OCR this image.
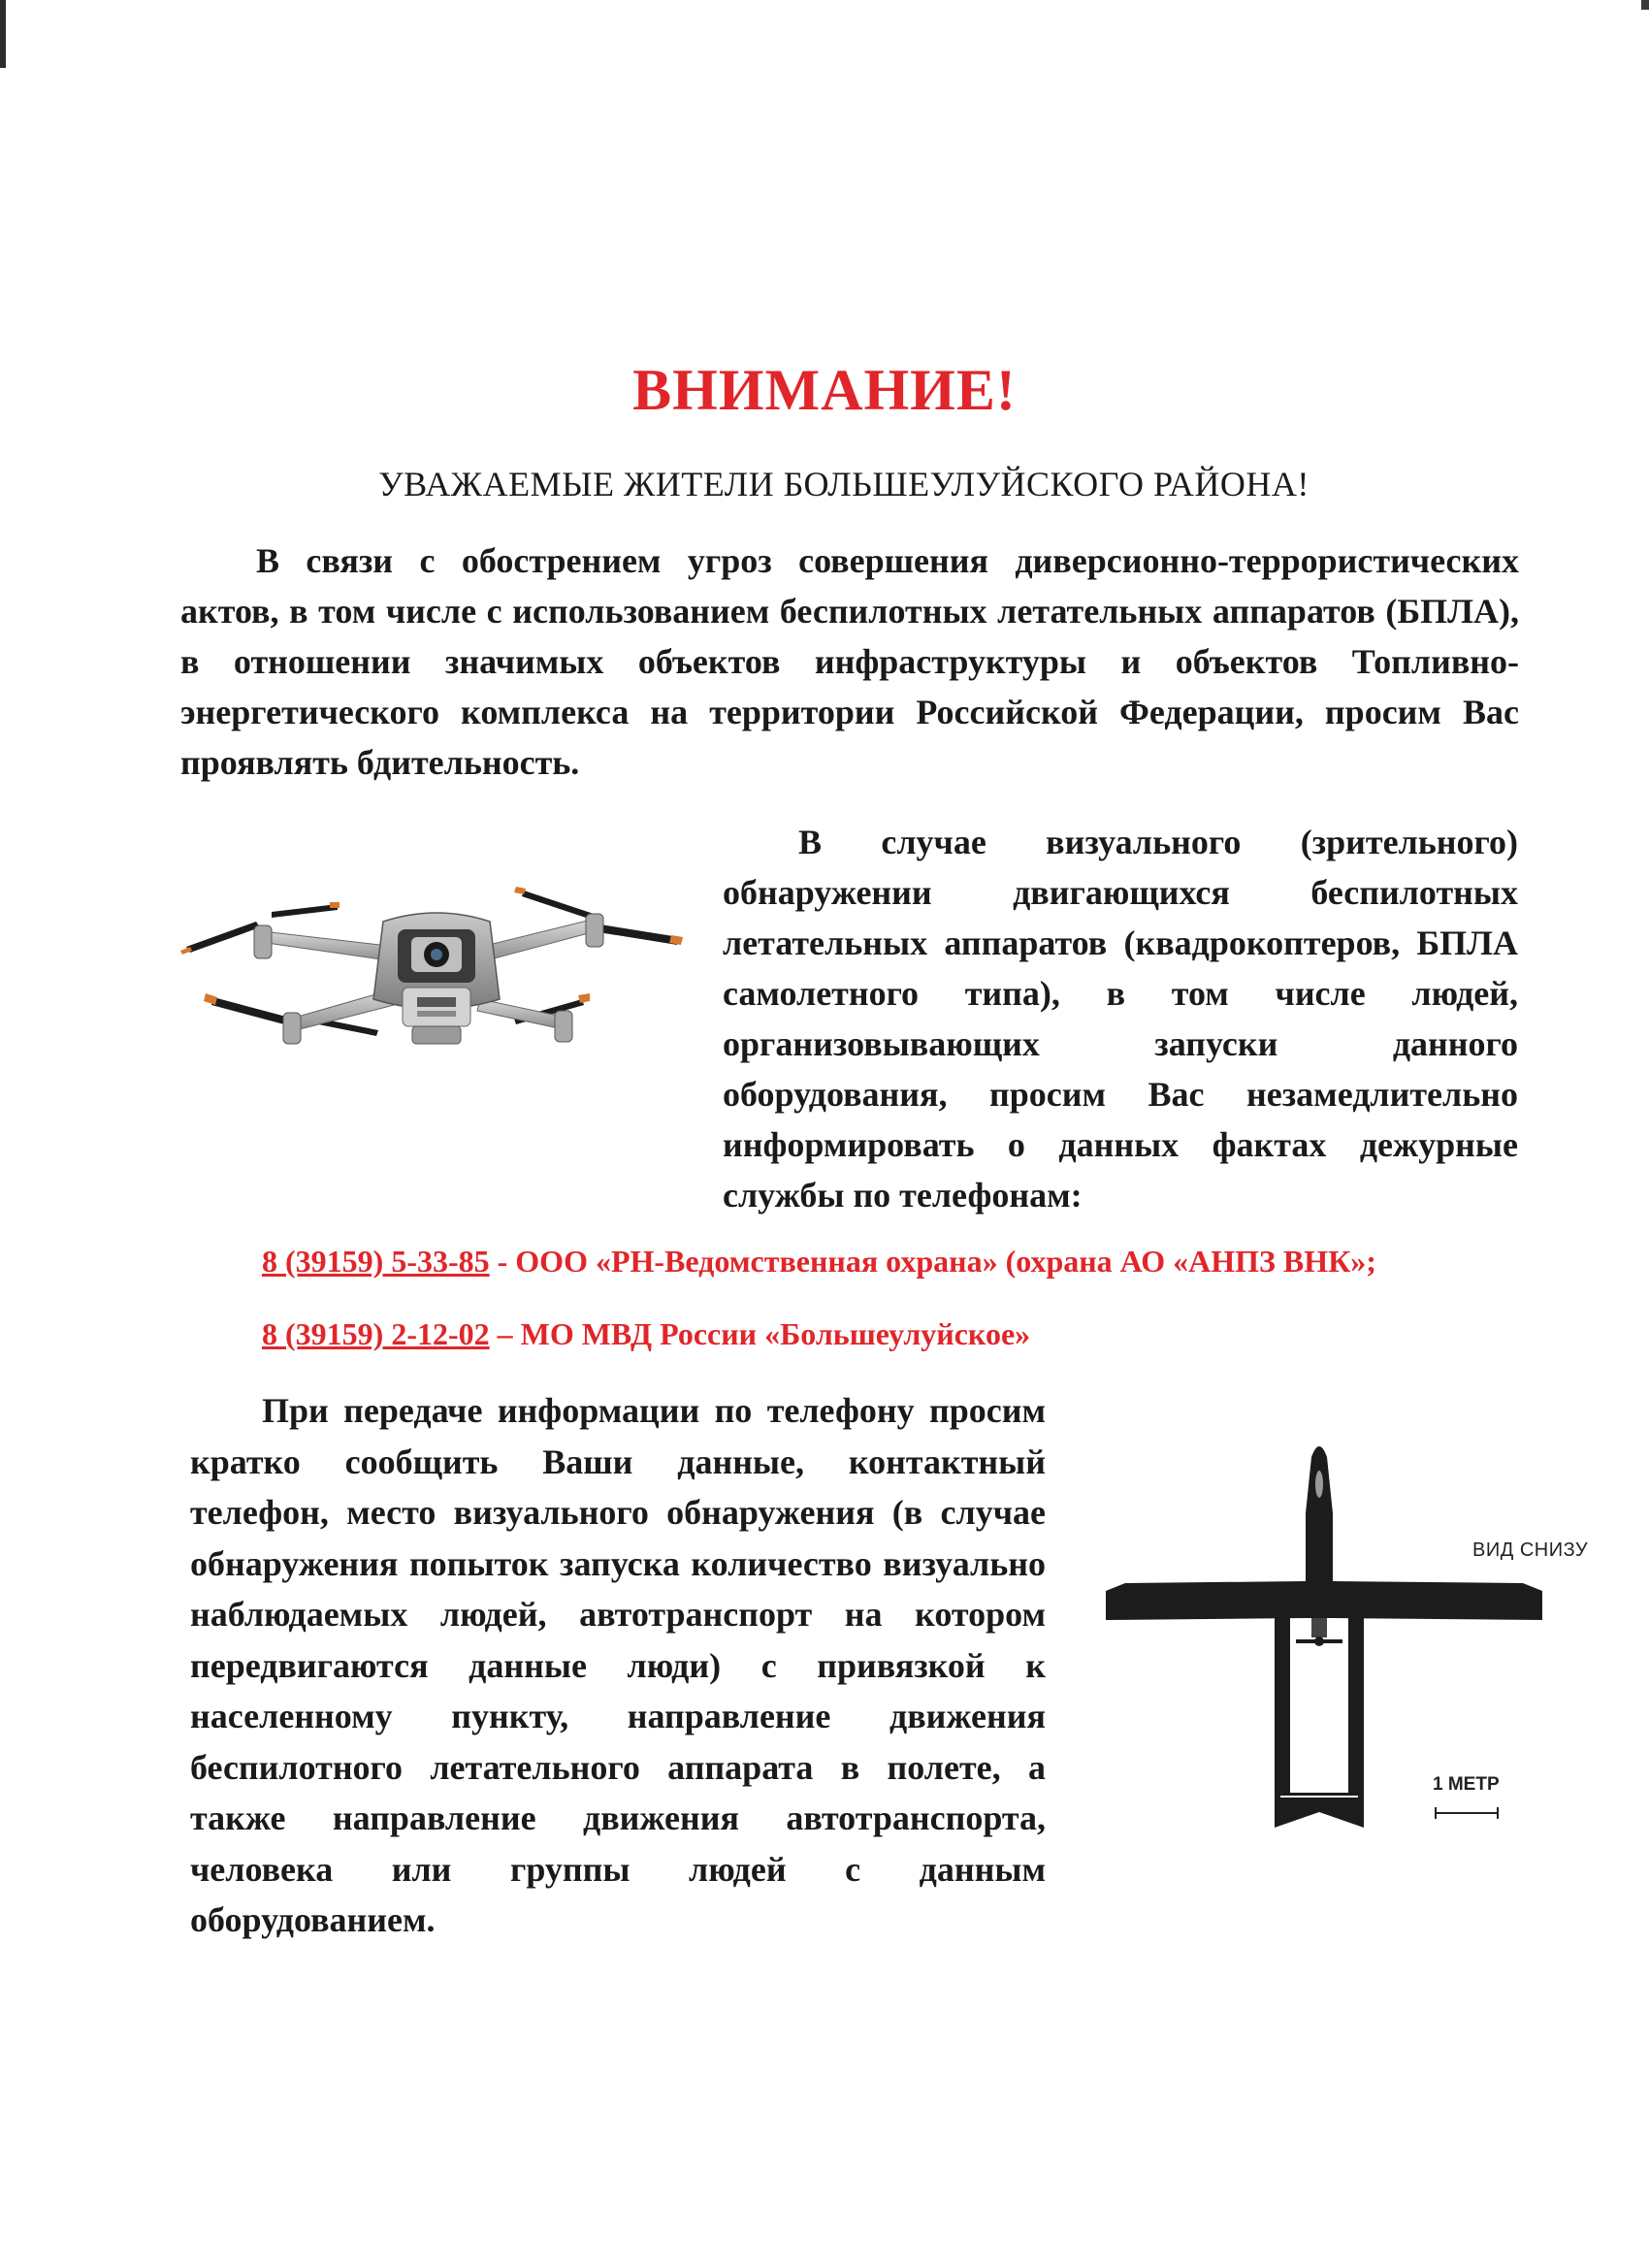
ВНИМАНИЕ!
УВАЖАЕМЫЕ ЖИТЕЛИ БОЛЬШЕУЛУЙСКОГО РАЙОНА!
В связи с обострением угроз совершения диверсионно-террористических актов, в том числе с использованием беспилотных летательных аппаратов (БПЛА), в отношении значимых объектов инфраструктуры и объектов Топливно-энергетического комплекса на территории Российской Федерации, просим Вас проявлять бдительность.
В случае визуального (зрительного) обнаружении двигающихся беспилотных летательных аппаратов (квадрокоптеров, БПЛА самолетного типа), в том числе людей, организовывающих запуски данного оборудования, просим Вас незамедлительно информировать о данных фактах дежурные службы по телефонам:
8 (39159) 5-33-85 - ООО «РН-Ведомственная охрана» (охрана АО «АНПЗ ВНК»;
8 (39159) 2-12-02 – МО МВД России «Большеулуйское»
При передаче информации по телефону просим кратко сообщить Ваши данные, контактный телефон, место визуального обнаружения (в случае обнаружения попыток запуска количество визуально наблюдаемых людей, автотранспорт на котором передвигаются данные люди) с привязкой к населенному пункту, направление движения беспилотного летательного аппарата в полете, а также направление движения автотранспорта, человека или группы людей с данным оборудованием.
ВИД СНИЗУ
1 МЕТР
